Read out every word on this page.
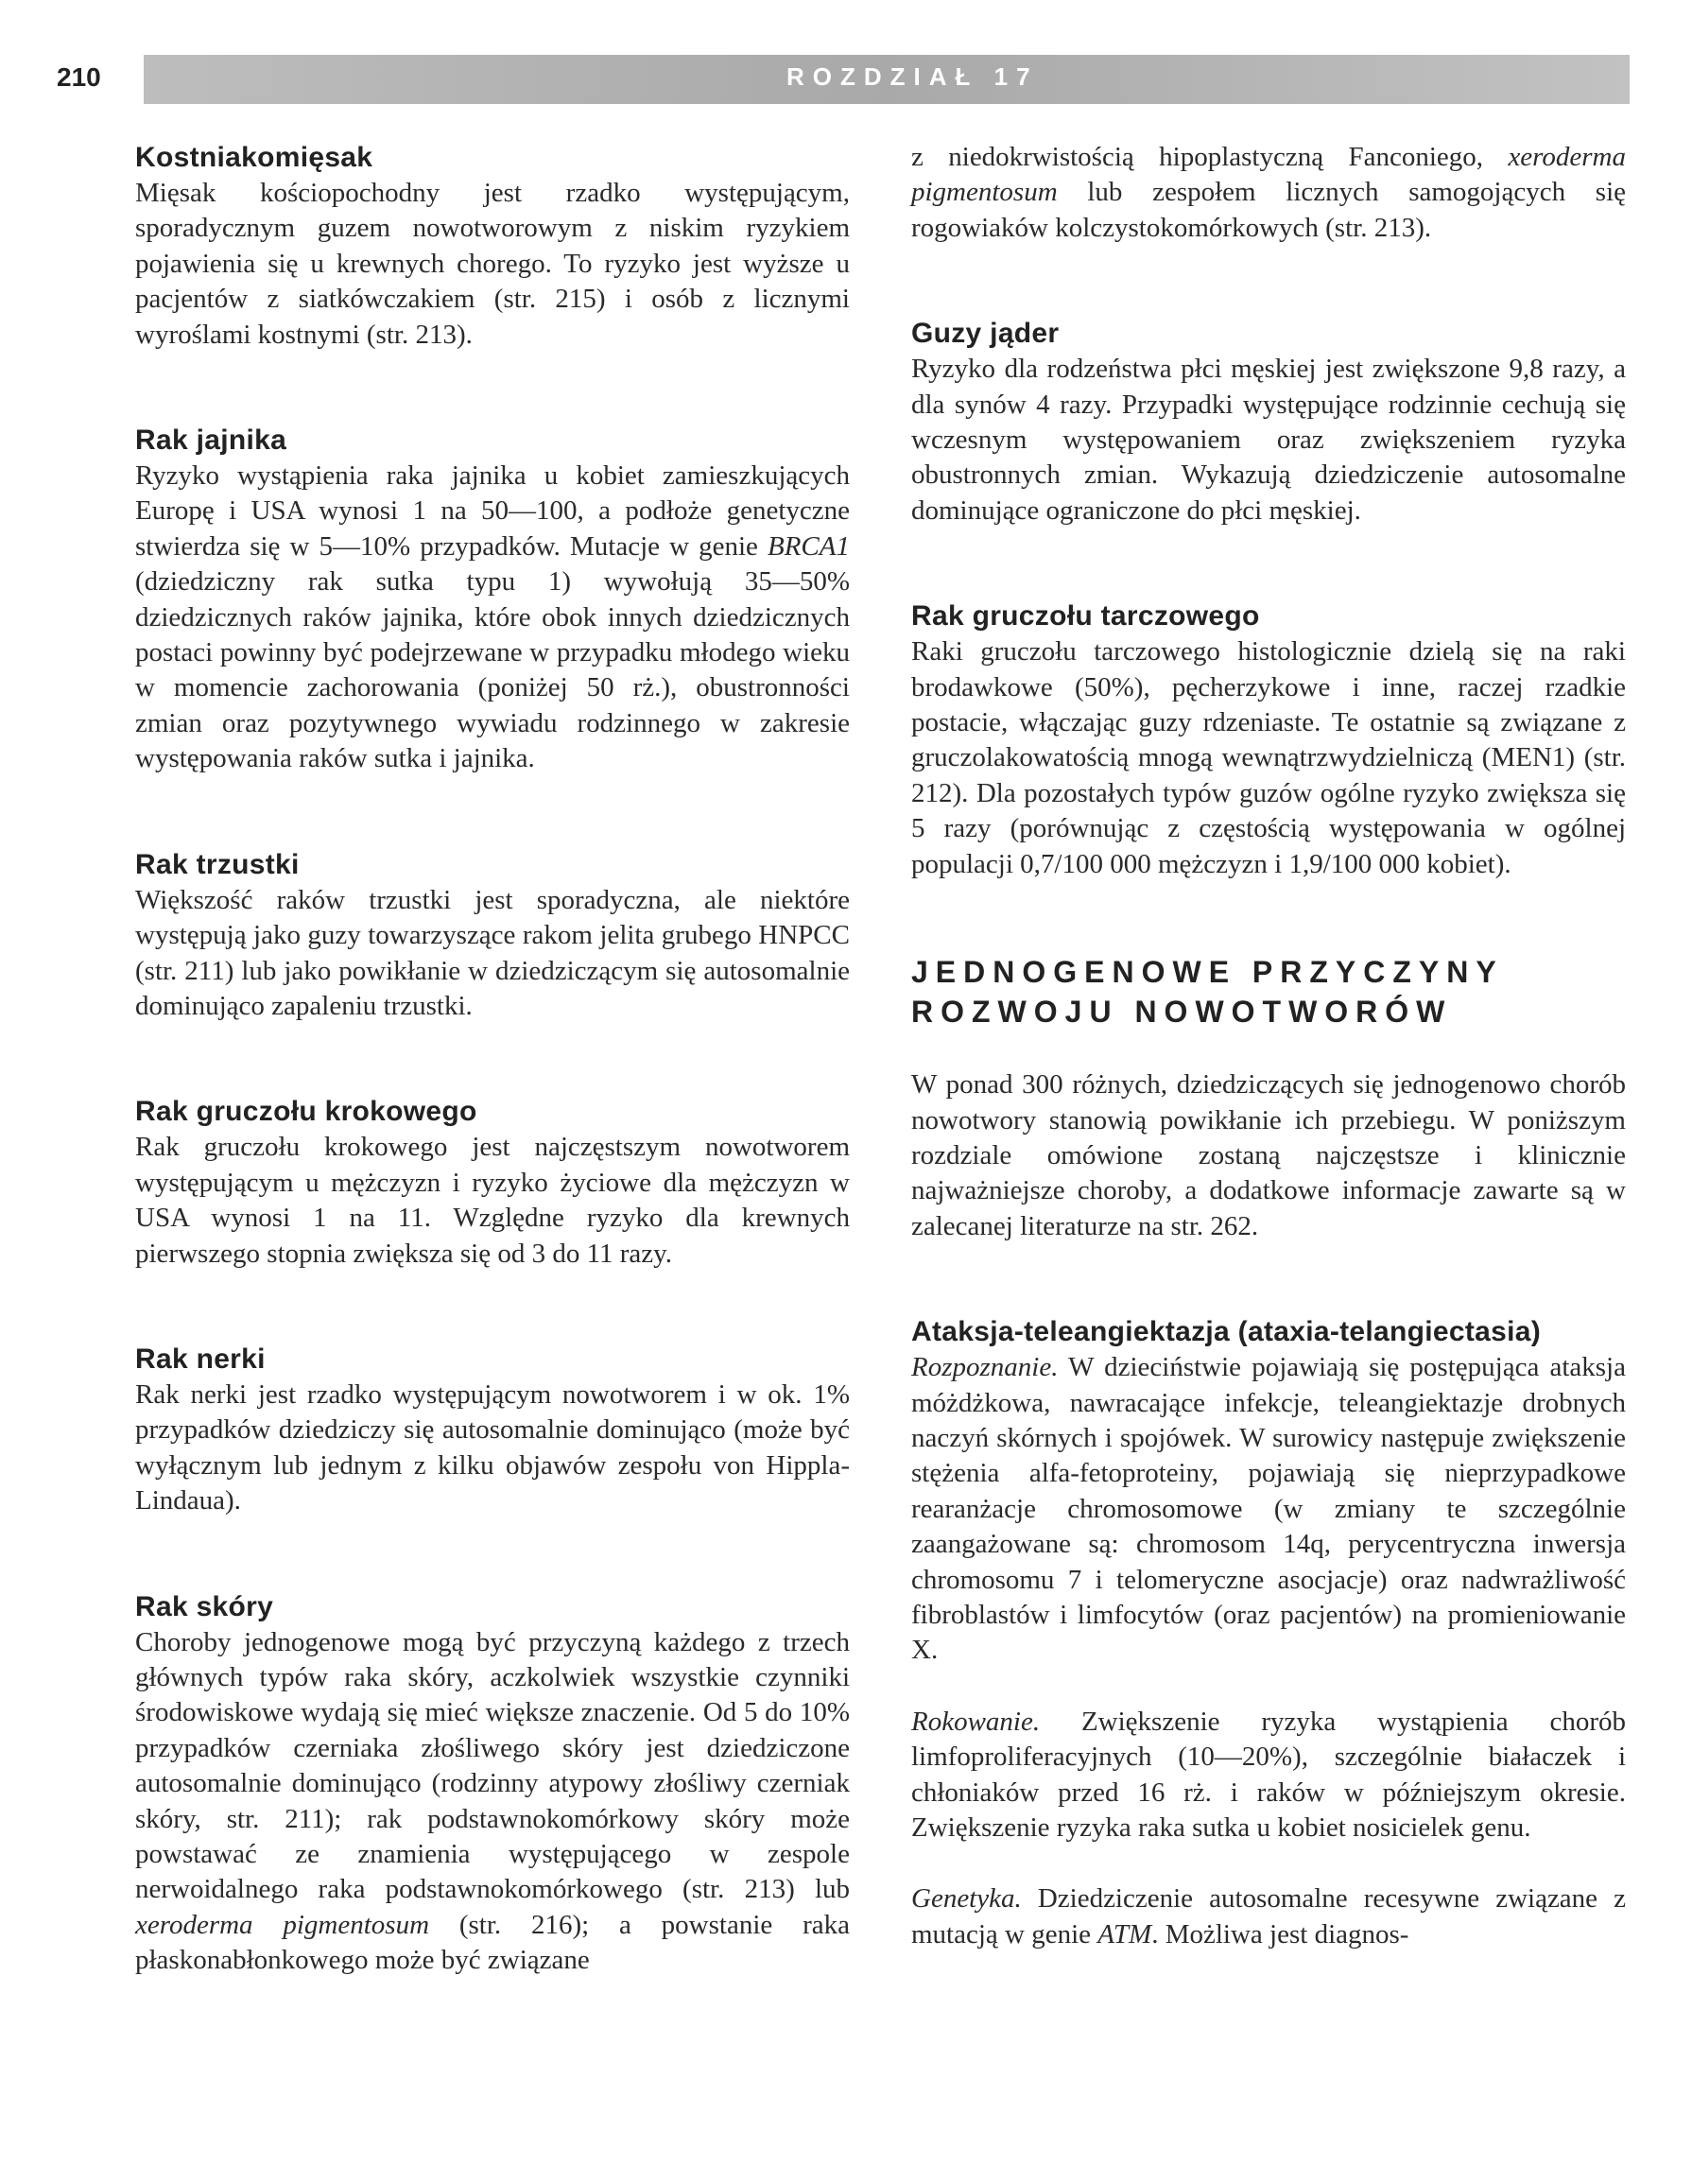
210	ROZDZIAŁ 17
Kostniakomięsak

Mięsak kościopochodny jest rzadko występującym, sporadycznym guzem nowotworowym z niskim ryzykiem pojawienia się u krewnych chorego. To ryzyko jest wyższe u pacjentów z siatkówczakiem (str. 215) i osób z licznymi wyroślami kostnymi (str. 213).

Rak jajnika

Ryzyko wystąpienia raka jajnika u kobiet zamieszkujących Europę i USA wynosi 1 na 50—100, a podłoże genetyczne stwierdza się w 5—10% przypadków. Mutacje w genie BRCA1 (dziedziczny rak sutka typu 1) wywołują 35—50% dziedzicznych raków jajnika, które obok innych dziedzicznych postaci powinny być podejrzewane w przypadku młodego wieku w momencie zachorowania (poniżej 50 rż.), obustronności zmian oraz pozytywnego wywiadu rodzinnego w zakresie występowania raków sutka i jajnika.

Rak trzustki

Większość raków trzustki jest sporadyczna, ale niektóre występują jako guzy towarzyszące rakom jelita grubego HNPCC (str. 211) lub jako powikłanie w dziedziczącym się autosomalnie dominująco zapaleniu trzustki.

Rak gruczołu krokowego

Rak gruczołu krokowego jest najczęstszym nowotworem występującym u mężczyzn i ryzyko życiowe dla mężczyzn w USA wynosi 1 na 11. Względne ryzyko dla krewnych pierwszego stopnia zwiększa się od 3 do 11 razy.

Rak nerki

Rak nerki jest rzadko występującym nowotworem i w ok. 1% przypadków dziedziczy się autosomalnie dominująco (może być wyłącznym lub jednym z kilku objawów zespołu von Hippla-Lindaua).

Rak skóry

Choroby jednogenowe mogą być przyczyną każdego z trzech głównych typów raka skóry, aczkolwiek wszystkie czynniki środowiskowe wydają się mieć większe znaczenie. Od 5 do 10% przypadków czerniaka złośliwego skóry jest dziedziczone autosomalnie dominująco (rodzinny atypowy złośliwy czerniak skóry, str. 211); rak podstawnokomórkowy skóry może powstawać ze znamienia występującego w zespole nerwoidalnego raka podstawnokomórkowego (str. 213) lub xeroderma pigmentosum (str. 216); a powstanie raka płaskonabłonkowego może być związane

z niedokrwistością hipoplastyczną Fanconiego, xeroderma pigmentosum lub zespołem licznych samogojących się rogowiaków kolczystokomórkowych (str. 213).

Guzy jąder

Ryzyko dla rodzeństwa płci męskiej jest zwiększone 9,8 razy, a dla synów 4 razy. Przypadki występujące rodzinnie cechują się wczesnym występowaniem oraz zwiększeniem ryzyka obustronnych zmian. Wykazują dziedziczenie autosomalne dominujące ograniczone do płci męskiej.

Rak gruczołu tarczowego

Raki gruczołu tarczowego histologicznie dzielą się na raki brodawkowe (50%), pęcherzykowe i inne, raczej rzadkie postacie, włączając guzy rdzeniaste. Te ostatnie są związane z gruczolakowatością mnogą wewnątrzwydzielniczą (MEN1) (str. 212). Dla pozostałych typów guzów ogólne ryzyko zwiększa się 5 razy (porównując z częstością występowania w ogólnej populacji 0,7/100 000 mężczyzn i 1,9/100 000 kobiet).

JEDNOGENOWE PRZYCZYNY
ROZWOJU NOWOTWORÓW

W ponad 300 różnych, dziedziczących się jednogenowo chorób nowotwory stanowią powikłanie ich przebiegu. W poniższym rozdziale omówione zostaną najczęstsze i klinicznie najważniejsze choroby, a dodatkowe informacje zawarte są w zalecanej literaturze na str. 262.

Ataksja-teleangiektazja (ataxia-telangiectasia)

Rozpoznanie. W dzieciństwie pojawiają się postępująca ataksja móżdżkowa, nawracające infekcje, teleangiektazje drobnych naczyń skórnych i spojówek. W surowicy następuje zwiększenie stężenia alfa-fetoproteiny, pojawiają się nieprzypadkowe rearanżacje chromosomowe (w zmiany te szczególnie zaangażowane są: chromosom 14q, perycentryczna inwersja chromosomu 7 i telomeryczne asocjacje) oraz nadwrażliwość fibroblastów i limfocytów (oraz pacjentów) na promieniowanie X.

Rokowanie. Zwiększenie ryzyka wystąpienia chorób limfoproliferacyjnych (10—20%), szczególnie białaczek i chłoniaków przed 16 rż. i raków w późniejszym okresie. Zwiększenie ryzyka raka sutka u kobiet nosicielek genu.

Genetyka. Dziedziczenie autosomalne recesywne związane z mutacją w genie ATM. Możliwa jest diagnos-
